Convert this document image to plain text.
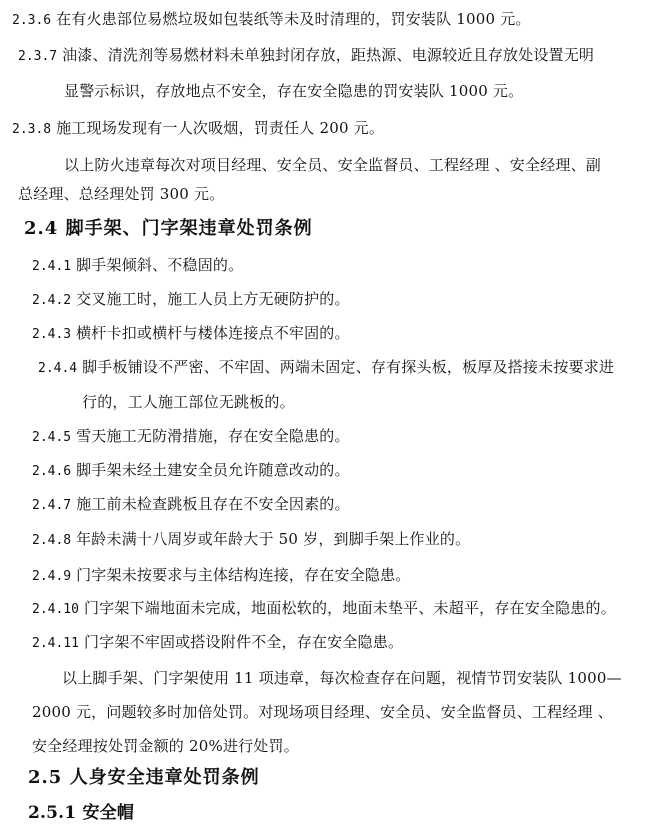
2.3.6 在有火患部位易燃垃圾如包装纸等未及时清理的，罚安装队 1000 元。
2.3.7 油漆、清洗剂等易燃材料未单独封闭存放，距热源、电源较近且存放处设置无明
显警示标识，存放地点不安全，存在安全隐患的罚安装队 1000 元。
2.3.8 施工现场发现有一人次吸烟，罚责任人 200 元。
以上防火违章每次对项目经理、安全员、安全监督员、工程经理 、安全经理、副
总经理、总经理处罚 300 元。
2.4 脚手架、门字架违章处罚条例
2.4.1 脚手架倾斜、不稳固的。
2.4.2 交叉施工时，施工人员上方无硬防护的。
2.4.3 横杆卡扣或横杆与楼体连接点不牢固的。
2.4.4 脚手板铺设不严密、不牢固、两端未固定、存有探头板，板厚及搭接未按要求进
行的，工人施工部位无跳板的。
2.4.5 雪天施工无防滑措施，存在安全隐患的。
2.4.6 脚手架未经土建安全员允许随意改动的。
2.4.7 施工前未检查跳板且存在不安全因素的。
2.4.8 年龄未满十八周岁或年龄大于 50 岁，到脚手架上作业的。
2.4.9 门字架未按要求与主体结构连接，存在安全隐患。
2.4.10 门字架下端地面未完成，地面松软的，地面未垫平、未超平，存在安全隐患的。
2.4.11 门字架不牢固或搭设附件不全，存在安全隐患。
以上脚手架、门字架使用 11 项违章，每次检查存在问题，视情节罚安装队 1000—
2000 元，问题较多时加倍处罚。对现场项目经理、安全员、安全监督员、工程经理 、
安全经理按处罚金额的 20%进行处罚。
2.5 人身安全违章处罚条例
2.5.1 安全帽
